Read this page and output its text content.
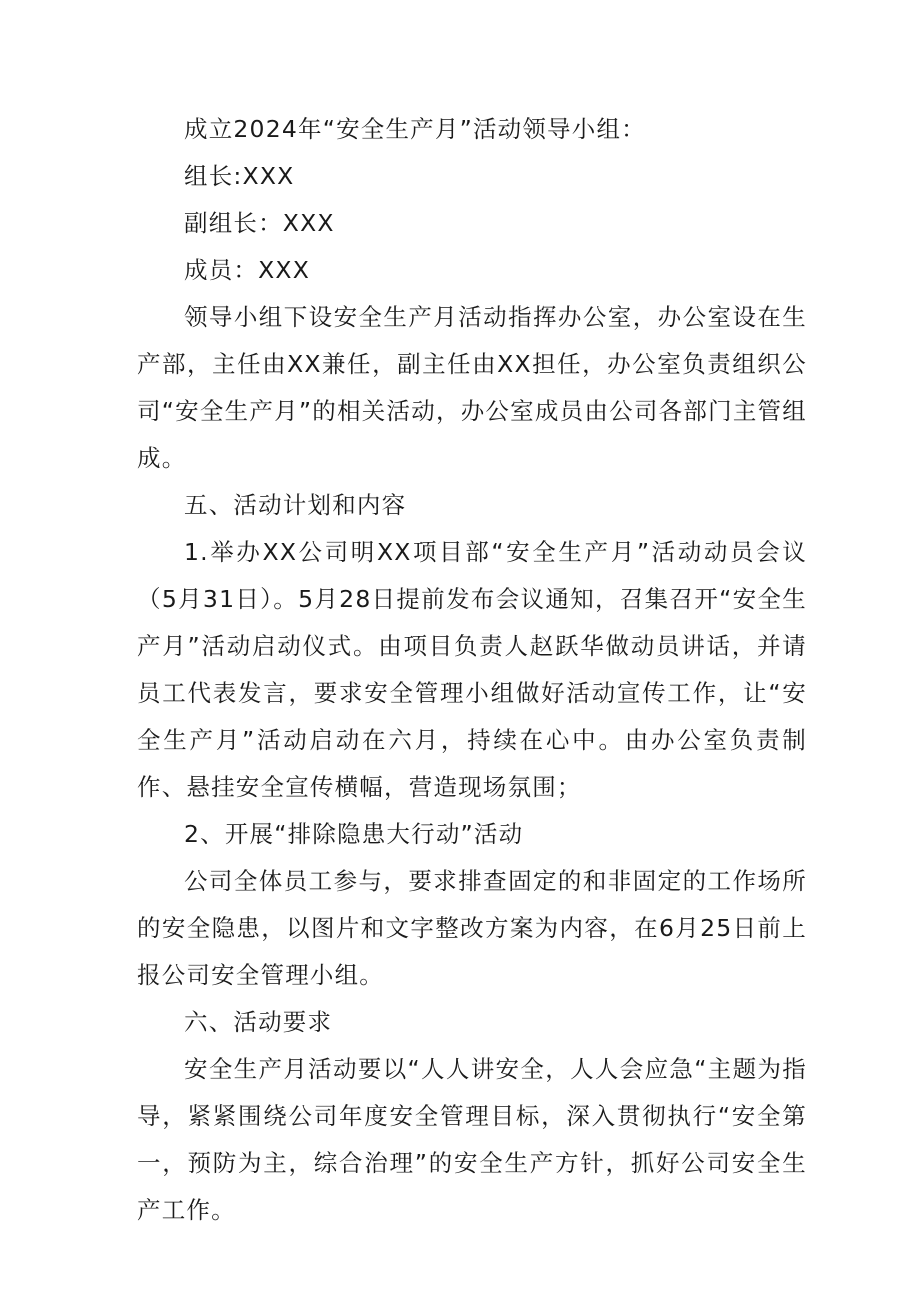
成立2024年“安全生产月”活动领导小组：

组长:XXX

副组长：XXX

成员：XXX

领导小组下设安全生产月活动指挥办公室，办公室设在生产部，主任由XX兼任，副主任由XX担任，办公室负责组织公司“安全生产月”的相关活动，办公室成员由公司各部门主管组成。

五、活动计划和内容

1.举办XX公司明XX项目部“安全生产月”活动动员会议（5月31日）。5月28日提前发布会议通知，召集召开“安全生产月”活动启动仪式。由项目负责人赵跃华做动员讲话，并请员工代表发言，要求安全管理小组做好活动宣传工作，让“安全生产月”活动启动在六月，持续在心中。由办公室负责制作、悬挂安全宣传横幅，营造现场氛围；

2、开展“排除隐患大行动”活动

公司全体员工参与，要求排查固定的和非固定的工作场所的安全隐患，以图片和文字整改方案为内容，在6月25日前上报公司安全管理小组。

六、活动要求

安全生产月活动要以“人人讲安全，人人会应急“主题为指导，紧紧围绕公司年度安全管理目标，深入贯彻执行“安全第一，预防为主，综合治理”的安全生产方针，抓好公司安全生产工作。
